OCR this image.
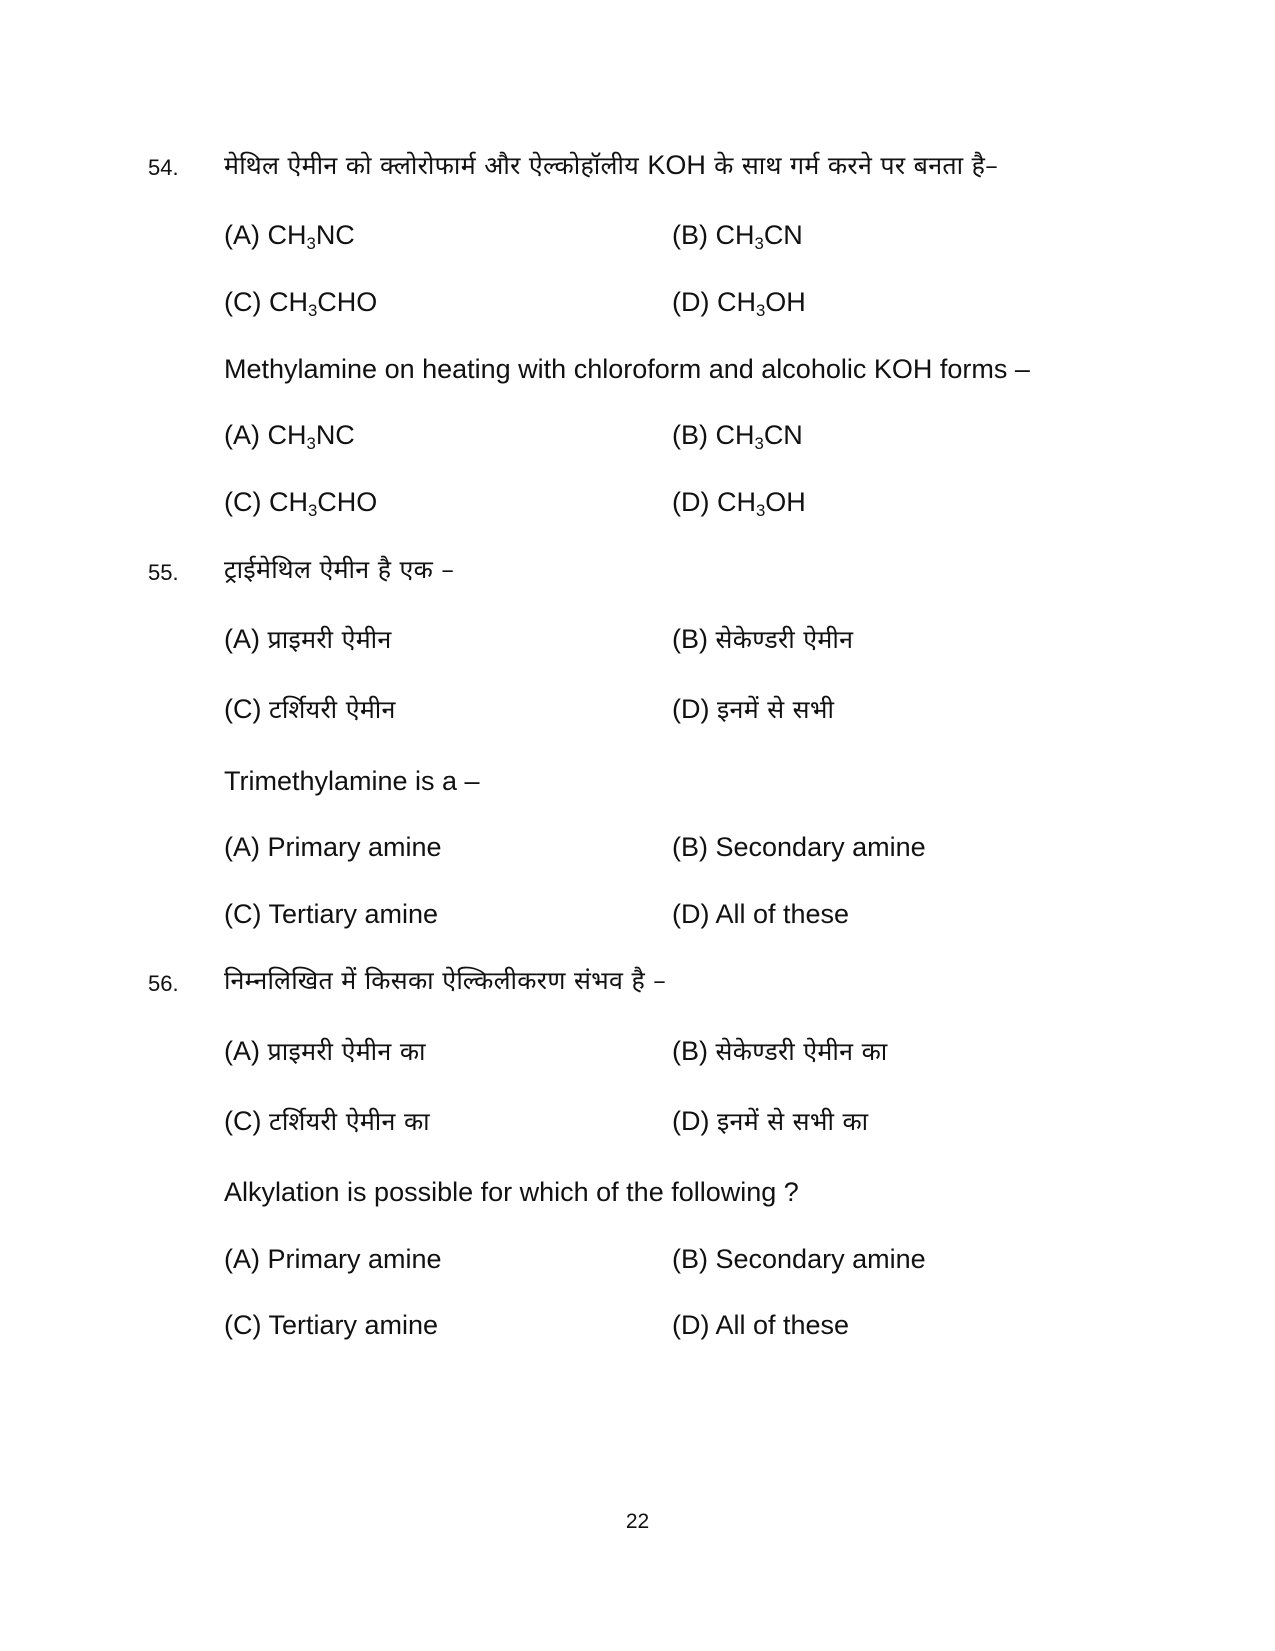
54. मेथिल ऐमीन को क्लोरोफार्म और ऐल्कोहॉलीय KOH के साथ गर्म करने पर बनता है–
(A) $CH_3NC$	(B) $CH_3CN$
(C) $CH_3CHO$	(D) $CH_3OH$
Methylamine on heating with chloroform and alcoholic KOH forms –
(A) $CH_3NC$	(B) $CH_3CN$
(C) $CH_3CHO$	(D) $CH_3OH$
55. ट्राईमेथिल ऐमीन है एक –
(A) प्राइमरी ऐमीन	(B) सेकेण्डरी ऐमीन
(C) टर्शियरी ऐमीन	(D) इनमें से सभी
Trimethylamine is a –
(A) Primary amine	(B) Secondary amine
(C) Tertiary amine	(D) All of these
56. निम्नलिखित में किसका ऐल्किलीकरण संभव है –
(A) प्राइमरी ऐमीन का	(B) सेकेण्डरी ऐमीन का
(C) टर्शियरी ऐमीन का	(D) इनमें से सभी का
Alkylation is possible for which of the following ?
(A) Primary amine	(B) Secondary amine
(C) Tertiary amine	(D) All of these
22
